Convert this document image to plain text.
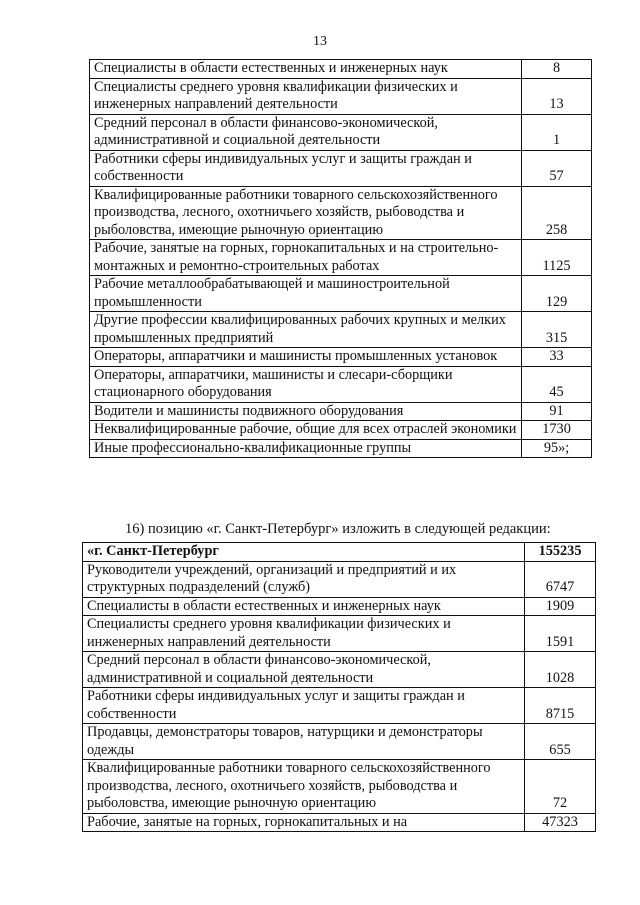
13
Специалисты в области естественных и инженерных наук	8
Специалисты среднего уровня квалификации физических и инженерных направлений деятельности	13
Средний персонал в области финансово-экономической, административной и социальной деятельности	1
Работники сферы индивидуальных услуг и защиты граждан и собственности	57
Квалифицированные работники товарного сельскохозяйственного производства, лесного, охотничьего хозяйств, рыбоводства и рыболовства, имеющие рыночную ориентацию	258
Рабочие, занятые на горных, горнокапитальных и на строительно-монтажных и ремонтно-строительных работах	1125
Рабочие металлообрабатывающей и машиностроительной промышленности	129
Другие профессии квалифицированных рабочих крупных и мелких промышленных предприятий	315
Операторы, аппаратчики и машинисты промышленных установок	33
Операторы, аппаратчики, машинисты и слесари-сборщики стационарного оборудования	45
Водители и машинисты подвижного оборудования	91
Неквалифицированные рабочие, общие для всех отраслей экономики	1730
Иные профессионально-квалификационные группы	95»;
16) позицию «г. Санкт-Петербург» изложить в следующей редакции:
«г. Санкт-Петербург	155235
Руководители учреждений, организаций и предприятий и их структурных подразделений (служб)	6747
Специалисты в области естественных и инженерных наук	1909
Специалисты среднего уровня квалификации физических и инженерных направлений деятельности	1591
Средний персонал в области финансово-экономической, административной и социальной деятельности	1028
Работники сферы индивидуальных услуг и защиты граждан и собственности	8715
Продавцы, демонстраторы товаров, натурщики и демонстраторы одежды	655
Квалифицированные работники товарного сельскохозяйственного производства, лесного, охотничьего хозяйств, рыбоводства и рыболовства, имеющие рыночную ориентацию	72
Рабочие, занятые на горных, горнокапитальных и на	47323
